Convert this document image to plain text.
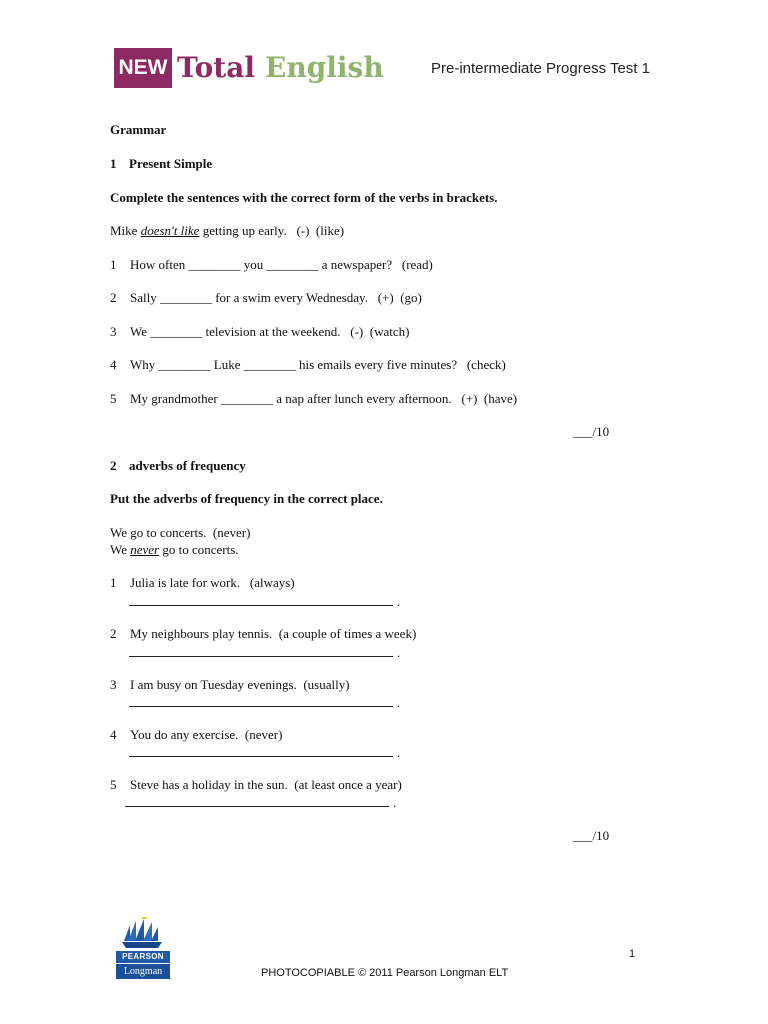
NEW Total English	Pre-intermediate Progress Test 1
Grammar
1 Present Simple
Complete the sentences with the correct form of the verbs in brackets.
Mike doesn't like getting up early.   (-)  (like)
1 How often ________ you ________ a newspaper?   (read)
2 Sally ________ for a swim every Wednesday.   (+)  (go)
3 We ________ television at the weekend.   (-)  (watch)
4 Why ________ Luke ________ his emails every five minutes?   (check)
5 My grandmother ________ a nap after lunch every afternoon.   (+)  (have)
___/10
2 adverbs of frequency
Put the adverbs of frequency in the correct place.
We go to concerts.  (never)
We never go to concerts.
1 Julia is late for work.   (always)
.
2 My neighbours play tennis.  (a couple of times a week)
.
3 I am busy on Tuesday evenings.  (usually)
.
4 You do any exercise.  (never)
.
5 Steve has a holiday in the sun.  (at least once a year)
.
___/10
PEARSON
Longman
1
PHOTOCOPIABLE © 2011 Pearson Longman ELT
